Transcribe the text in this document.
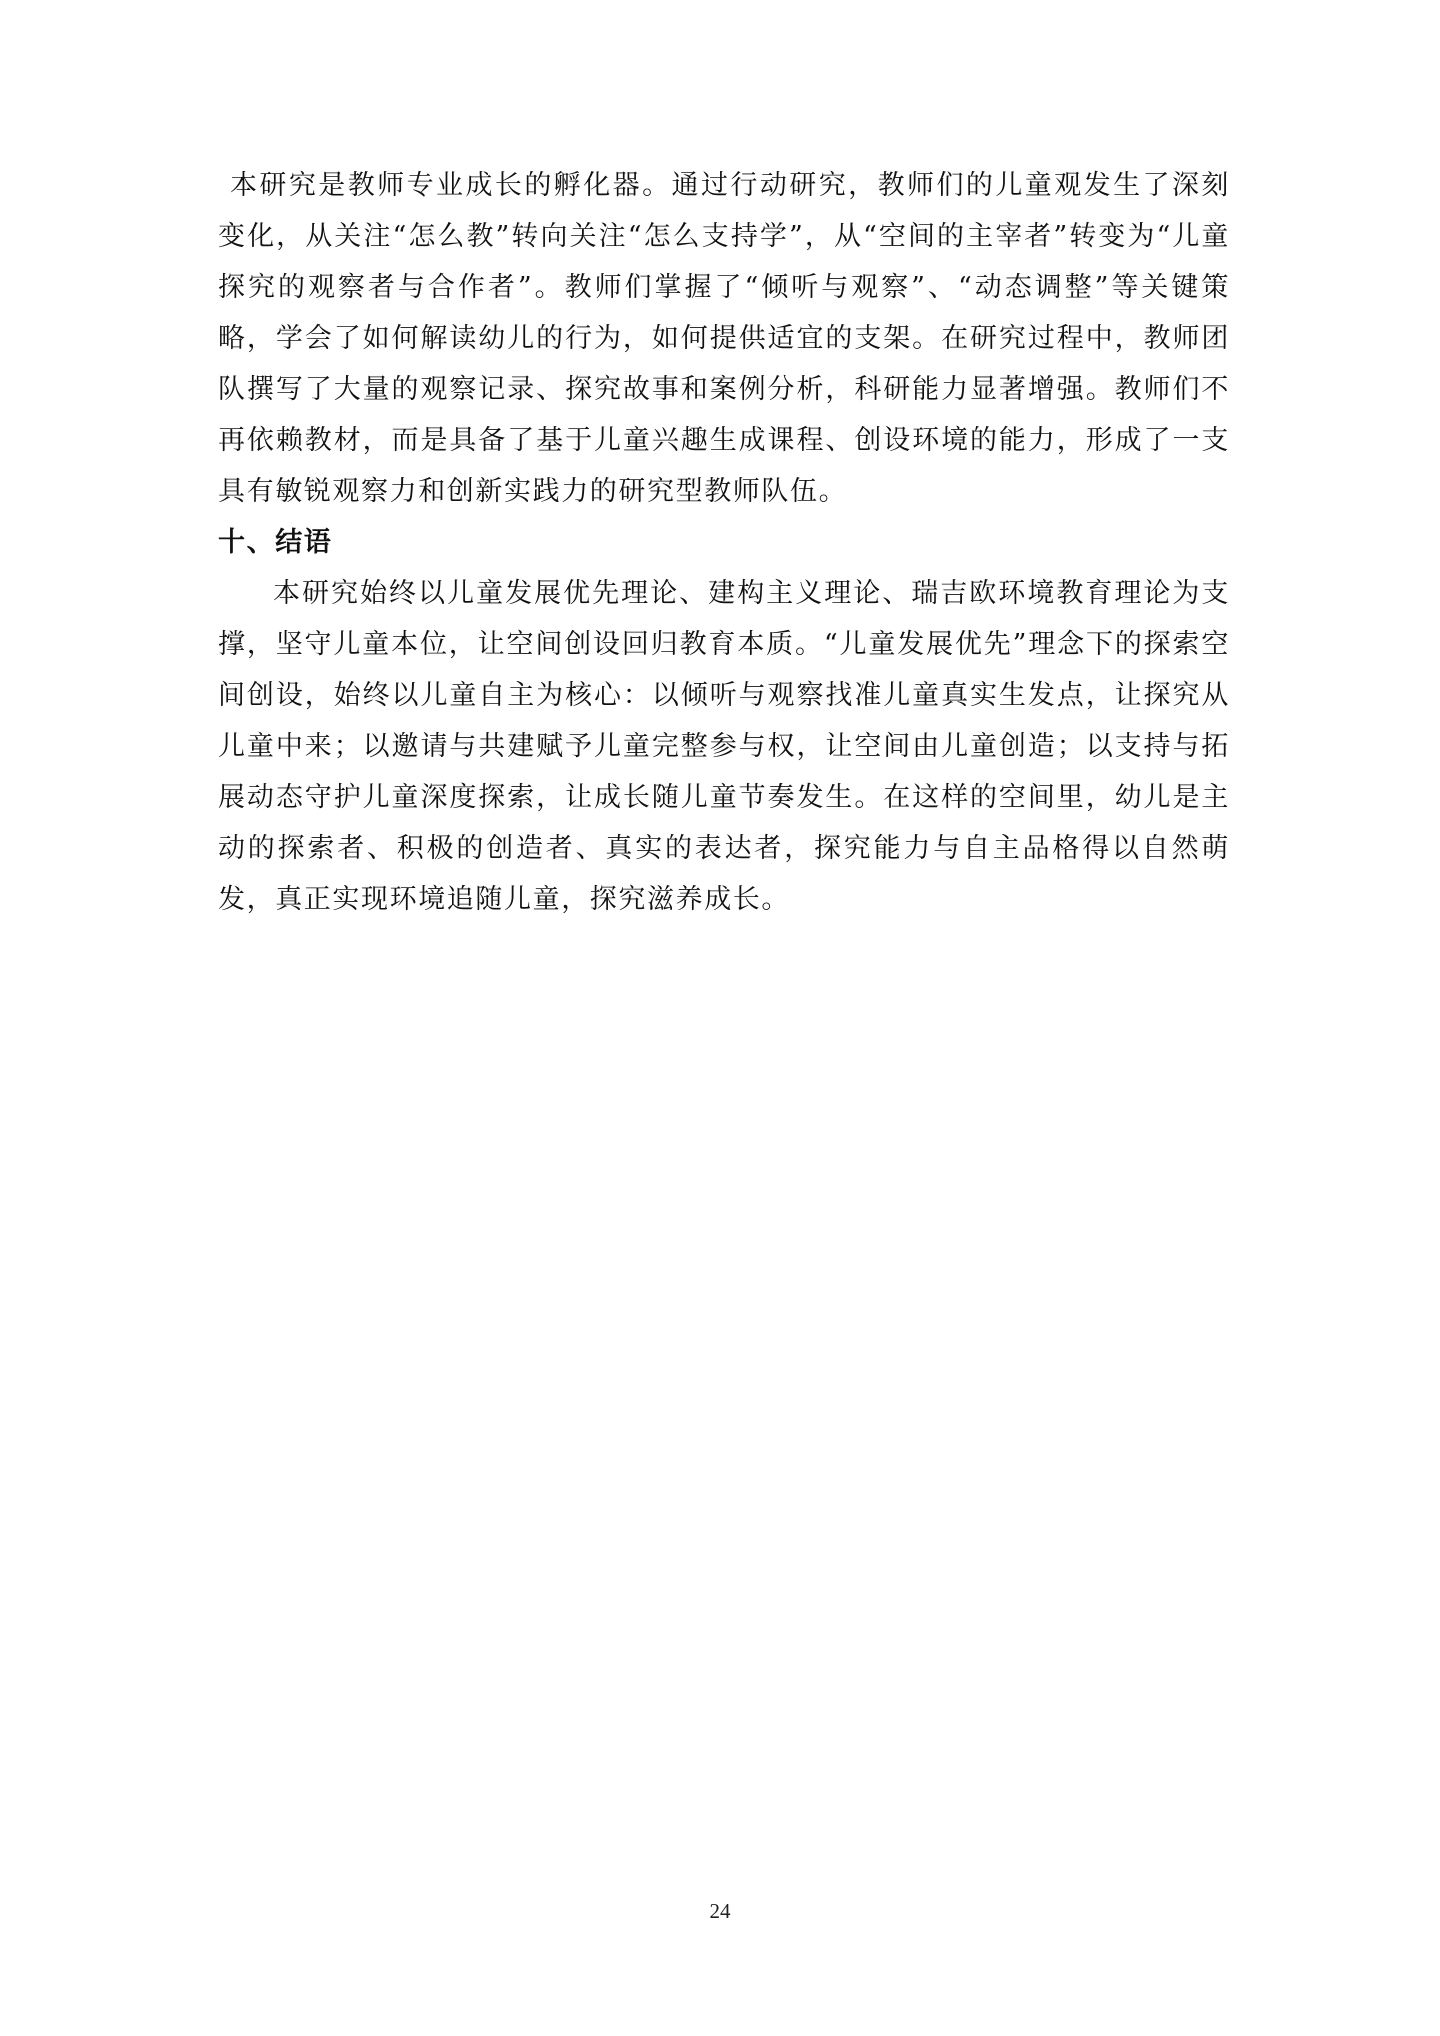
本研究是教师专业成长的孵化器。通过行动研究，教师们的儿童观发生了深刻变化，从关注“怎么教”转向关注“怎么支持学”，从“空间的主宰者”转变为“儿童探究的观察者与合作者”。教师们掌握了“倾听与观察”、“动态调整”等关键策略，学会了如何解读幼儿的行为，如何提供适宜的支架。在研究过程中，教师团队撰写了大量的观察记录、探究故事和案例分析，科研能力显著增强。教师们不再依赖教材，而是具备了基于儿童兴趣生成课程、创设环境的能力，形成了一支具有敏锐观察力和创新实践力的研究型教师队伍。

十、结语

本研究始终以儿童发展优先理论、建构主义理论、瑞吉欧环境教育理论为支撑，坚守儿童本位，让空间创设回归教育本质。“儿童发展优先”理念下的探索空间创设，始终以儿童自主为核心：以倾听与观察找准儿童真实生发点，让探究从儿童中来；以邀请与共建赋予儿童完整参与权，让空间由儿童创造；以支持与拓展动态守护儿童深度探索，让成长随儿童节奏发生。在这样的空间里，幼儿是主动的探索者、积极的创造者、真实的表达者，探究能力与自主品格得以自然萌发，真正实现环境追随儿童，探究滋养成长。

24
